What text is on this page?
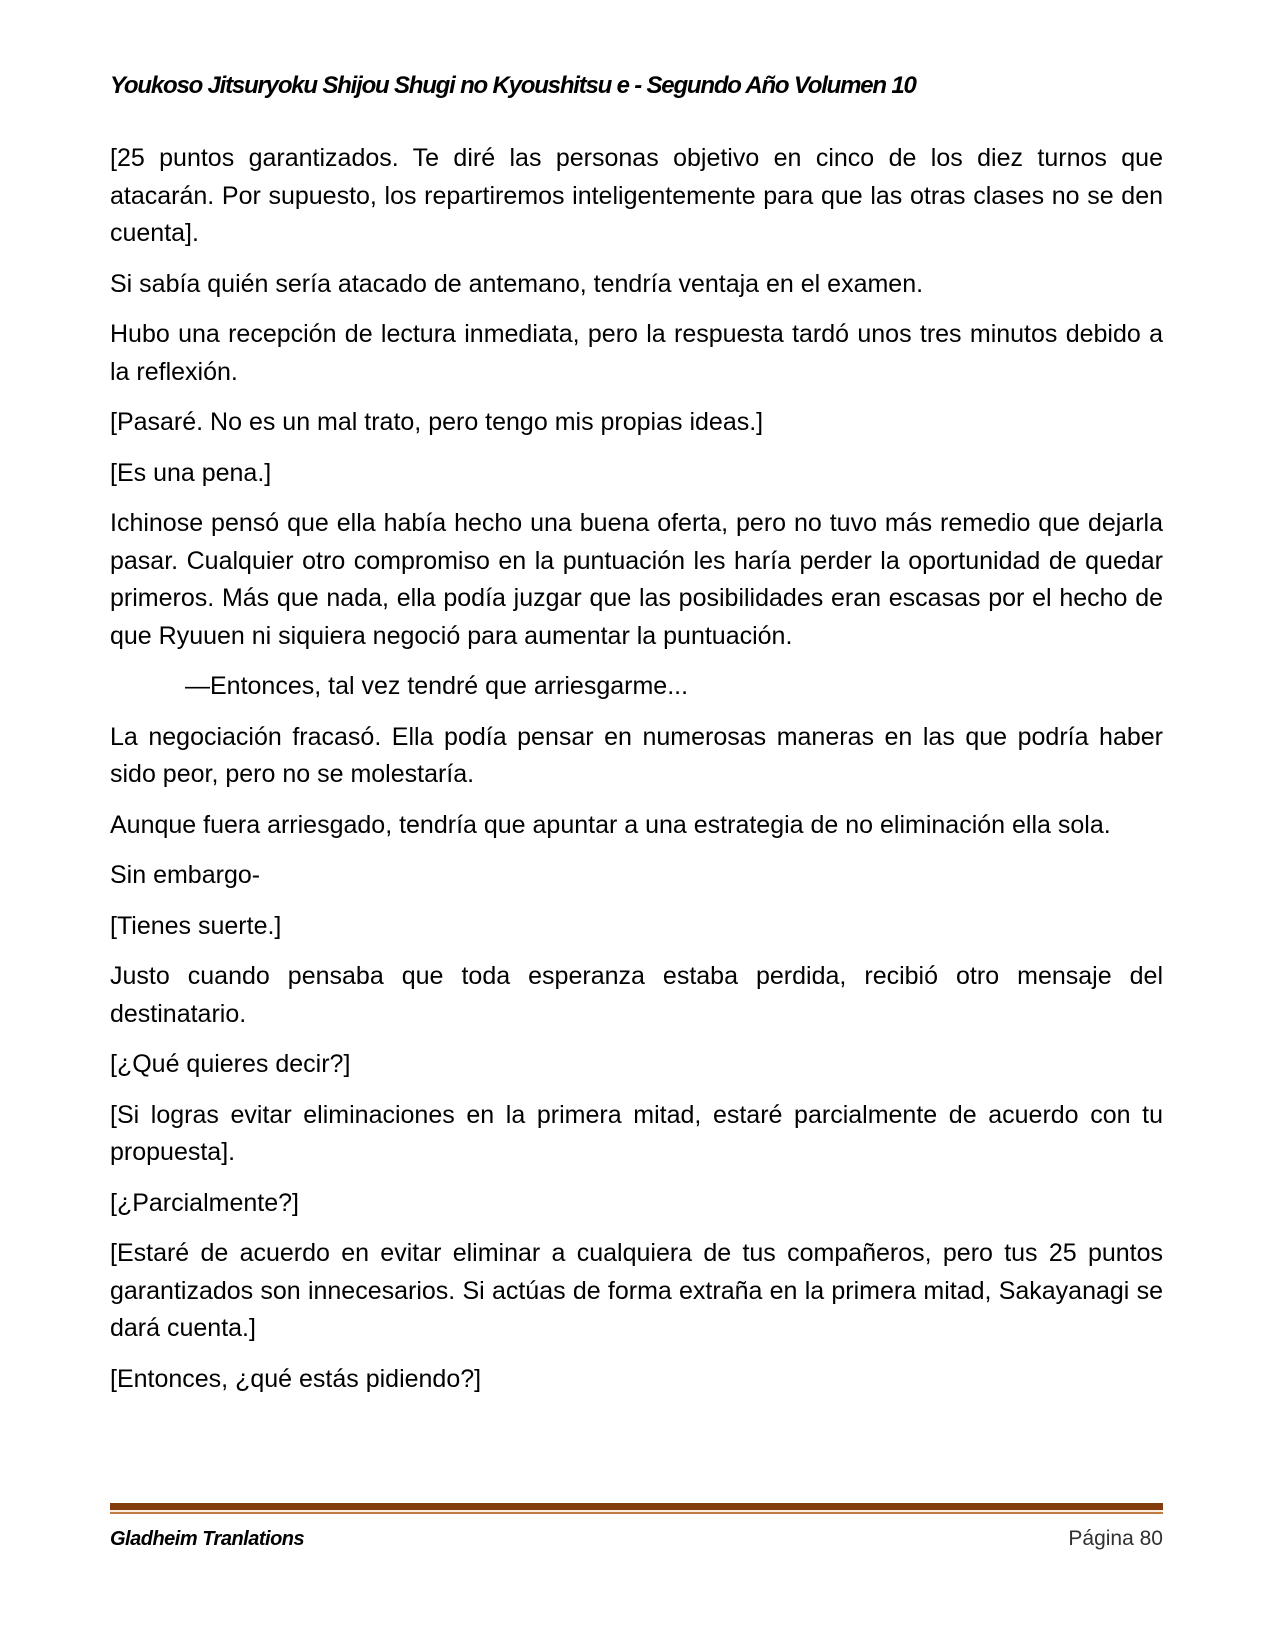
Youkoso Jitsuryoku Shijou Shugi no Kyoushitsu e - Segundo Año Volumen 10

[25 puntos garantizados. Te diré las personas objetivo en cinco de los diez turnos que atacarán. Por supuesto, los repartiremos inteligentemente para que las otras clases no se den cuenta].

Si sabía quién sería atacado de antemano, tendría ventaja en el examen.

Hubo una recepción de lectura inmediata, pero la respuesta tardó unos tres minutos debido a la reflexión.

[Pasaré. No es un mal trato, pero tengo mis propias ideas.]

[Es una pena.]

Ichinose pensó que ella había hecho una buena oferta, pero no tuvo más remedio que dejarla pasar. Cualquier otro compromiso en la puntuación les haría perder la oportunidad de quedar primeros. Más que nada, ella podía juzgar que las posibilidades eran escasas por el hecho de que Ryuuen ni siquiera negoció para aumentar la puntuación.

—Entonces, tal vez tendré que arriesgarme...

La negociación fracasó. Ella podía pensar en numerosas maneras en las que podría haber sido peor, pero no se molestaría.

Aunque fuera arriesgado, tendría que apuntar a una estrategia de no eliminación ella sola.

Sin embargo-

[Tienes suerte.]

Justo cuando pensaba que toda esperanza estaba perdida, recibió otro mensaje del destinatario.

[¿Qué quieres decir?]

[Si logras evitar eliminaciones en la primera mitad, estaré parcialmente de acuerdo con tu propuesta].

[¿Parcialmente?]

[Estaré de acuerdo en evitar eliminar a cualquiera de tus compañeros, pero tus 25 puntos garantizados son innecesarios. Si actúas de forma extraña en la primera mitad, Sakayanagi se dará cuenta.]

[Entonces, ¿qué estás pidiendo?]

Gladheim Tranlations	Página 80
